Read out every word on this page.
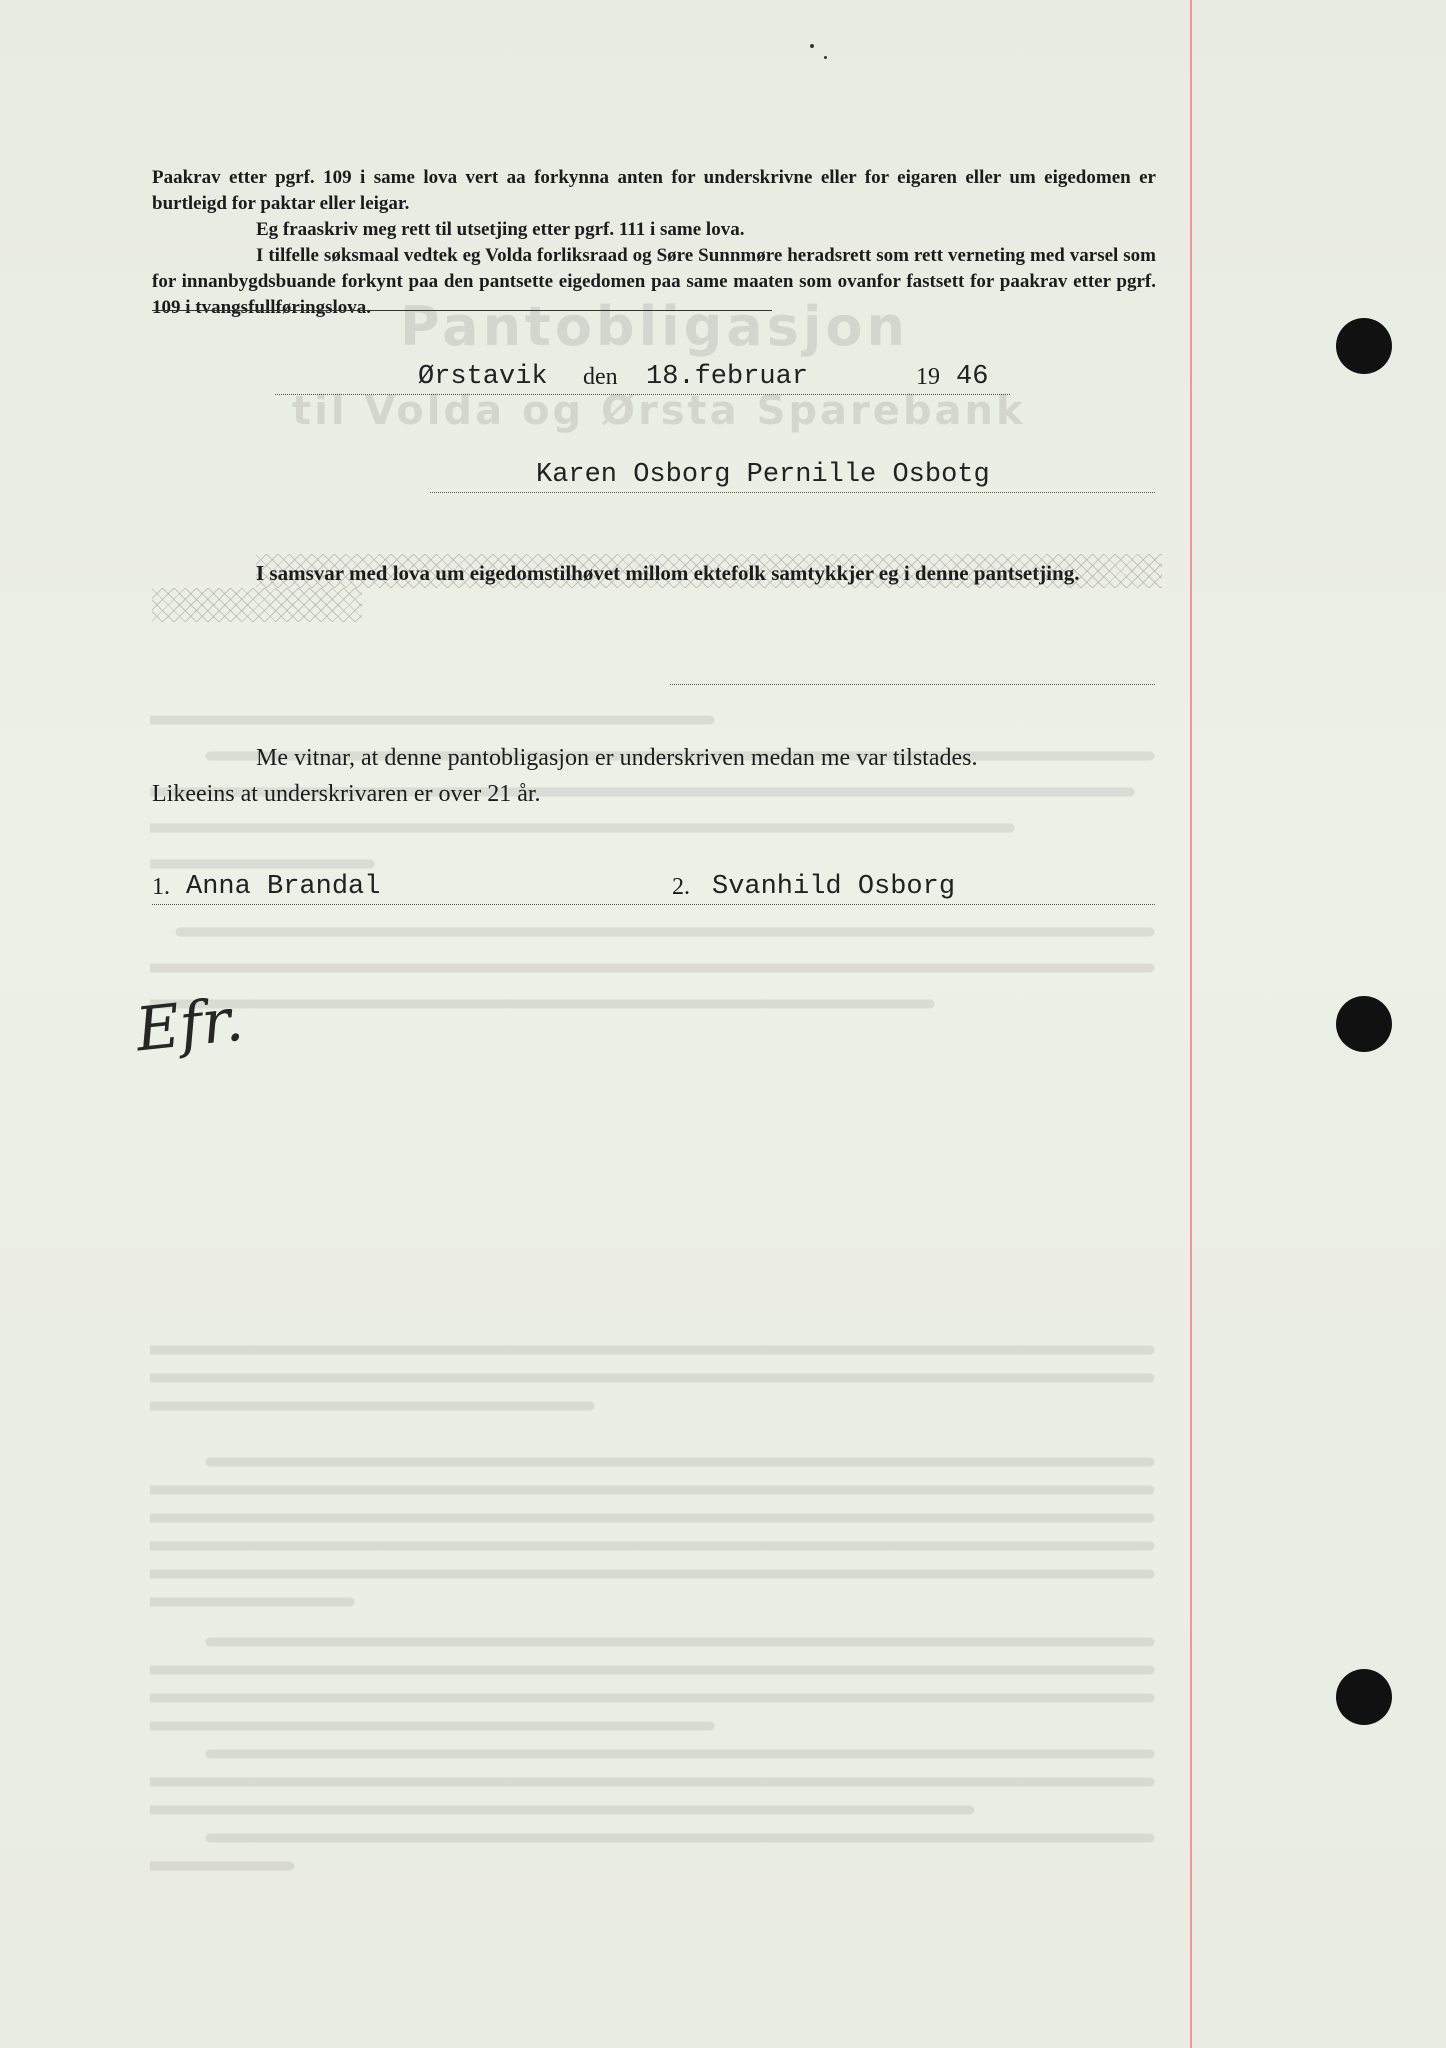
Pantobligasjon
til Volda og Ørsta Sparebank

Paakrav etter pgrf. 109 i same lova vert aa forkynna anten for underskrivne eller for eigaren eller um eigedomen er burtleigd for paktar eller leigar.

Eg fraaskriv meg rett til utsetjing etter pgrf. 111 i same lova.

I tilfelle søksmaal vedtek eg Volda forliksraad og Søre Sunnmøre heradsrett som rett verneting med varsel som for innanbygdsbuande forkynt paa den pantsette eigedomen paa same maaten som ovanfor fastsett for paakrav etter pgrf. 109 i tvangsfullføringslova.

Ørstavik den 18.februar	19 46
Karen Osborg Pernille Osbotg
I samsvar med lova um eigedomstilhøvet millom ektefolk samtykkjer eg i denne pantsetjing.

Me vitnar, at denne pantobligasjon er underskriven medan me var tilstades.

Likeeins at underskrivaren er over 21 år.

1. Anna Brandal	2. Svanhild Osborg
Efr.
